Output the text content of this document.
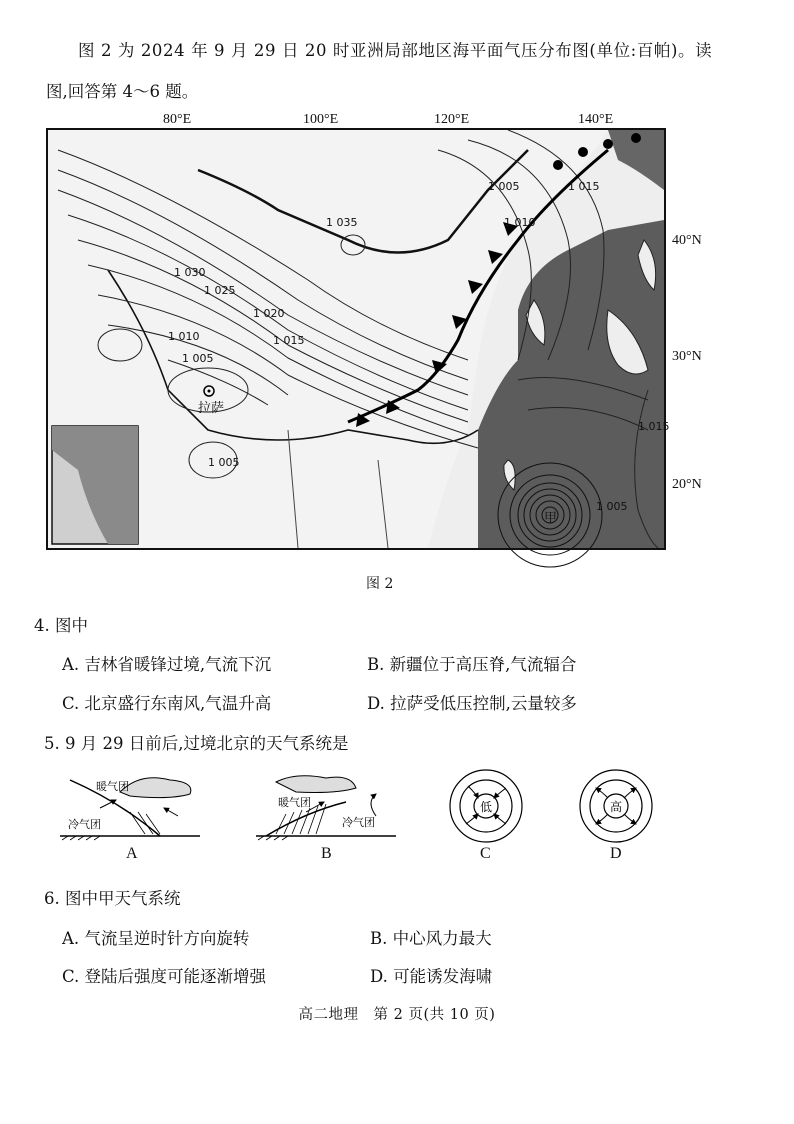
图 2 为 2024 年 9 月 29 日 20 时亚洲局部地区海平面气压分布图(单位:百帕)。读
图,回答第 4～6 题。
80°E	100°E	120°E	140°E
40°N
30°N
20°N
1 035
1 030
1 025
1 020
1 015
1 010
1 005
1 005
1 005
1 010
1 015
1 015
1 005
拉萨
甲
图 2
4. 图中
A. 吉林省暖锋过境,气流下沉	B. 新疆位于高压脊,气流辐合
C. 北京盛行东南风,气温升高	D. 拉萨受低压控制,云量较多
5. 9 月 29 日前后,过境北京的天气系统是
暖气团
冷气团
暖气团
冷气团
低	高
A	B	C	D
6. 图中甲天气系统
A. 气流呈逆时针方向旋转	B. 中心风力最大
C. 登陆后强度可能逐渐增强	D. 可能诱发海啸
高二地理　第 2 页(共 10 页)
